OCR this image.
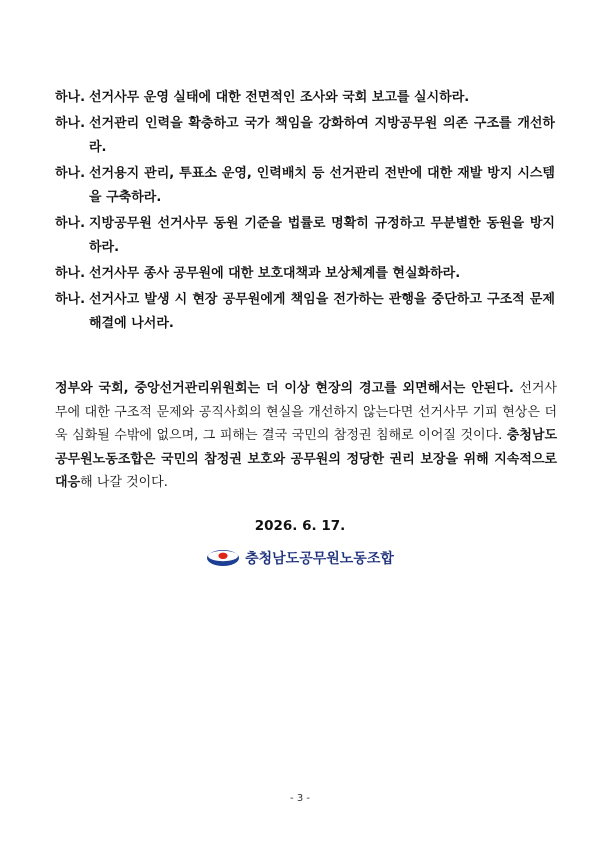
하나. 선거사무 운영 실태에 대한 전면적인 조사와 국회 보고를 실시하라.
하나. 선거관리 인력을 확충하고 국가 책임을 강화하여 지방공무원 의존 구조를 개선하라.
하나. 선거용지 관리, 투표소 운영, 인력배치 등 선거관리 전반에 대한 재발 방지 시스템을 구축하라.
하나. 지방공무원 선거사무 동원 기준을 법률로 명확히 규정하고 무분별한 동원을 방지하라.
하나. 선거사무 종사 공무원에 대한 보호대책과 보상체계를 현실화하라.
하나. 선거사고 발생 시 현장 공무원에게 책임을 전가하는 관행을 중단하고 구조적 문제 해결에 나서라.

정부와 국회, 중앙선거관리위원회는 더 이상 현장의 경고를 외면해서는 안된다. 선거사무에 대한 구조적 문제와 공직사회의 현실을 개선하지 않는다면 선거사무 기피 현상은 더욱 심화될 수밖에 없으며, 그 피해는 결국 국민의 참정권 침해로 이어질 것이다. 충청남도공무원노동조합은 국민의 참정권 보호와 공무원의 정당한 권리 보장을 위해 지속적으로 대응해 나갈 것이다.

2026. 6. 17.
충청남도공무원노동조합
- 3 -
